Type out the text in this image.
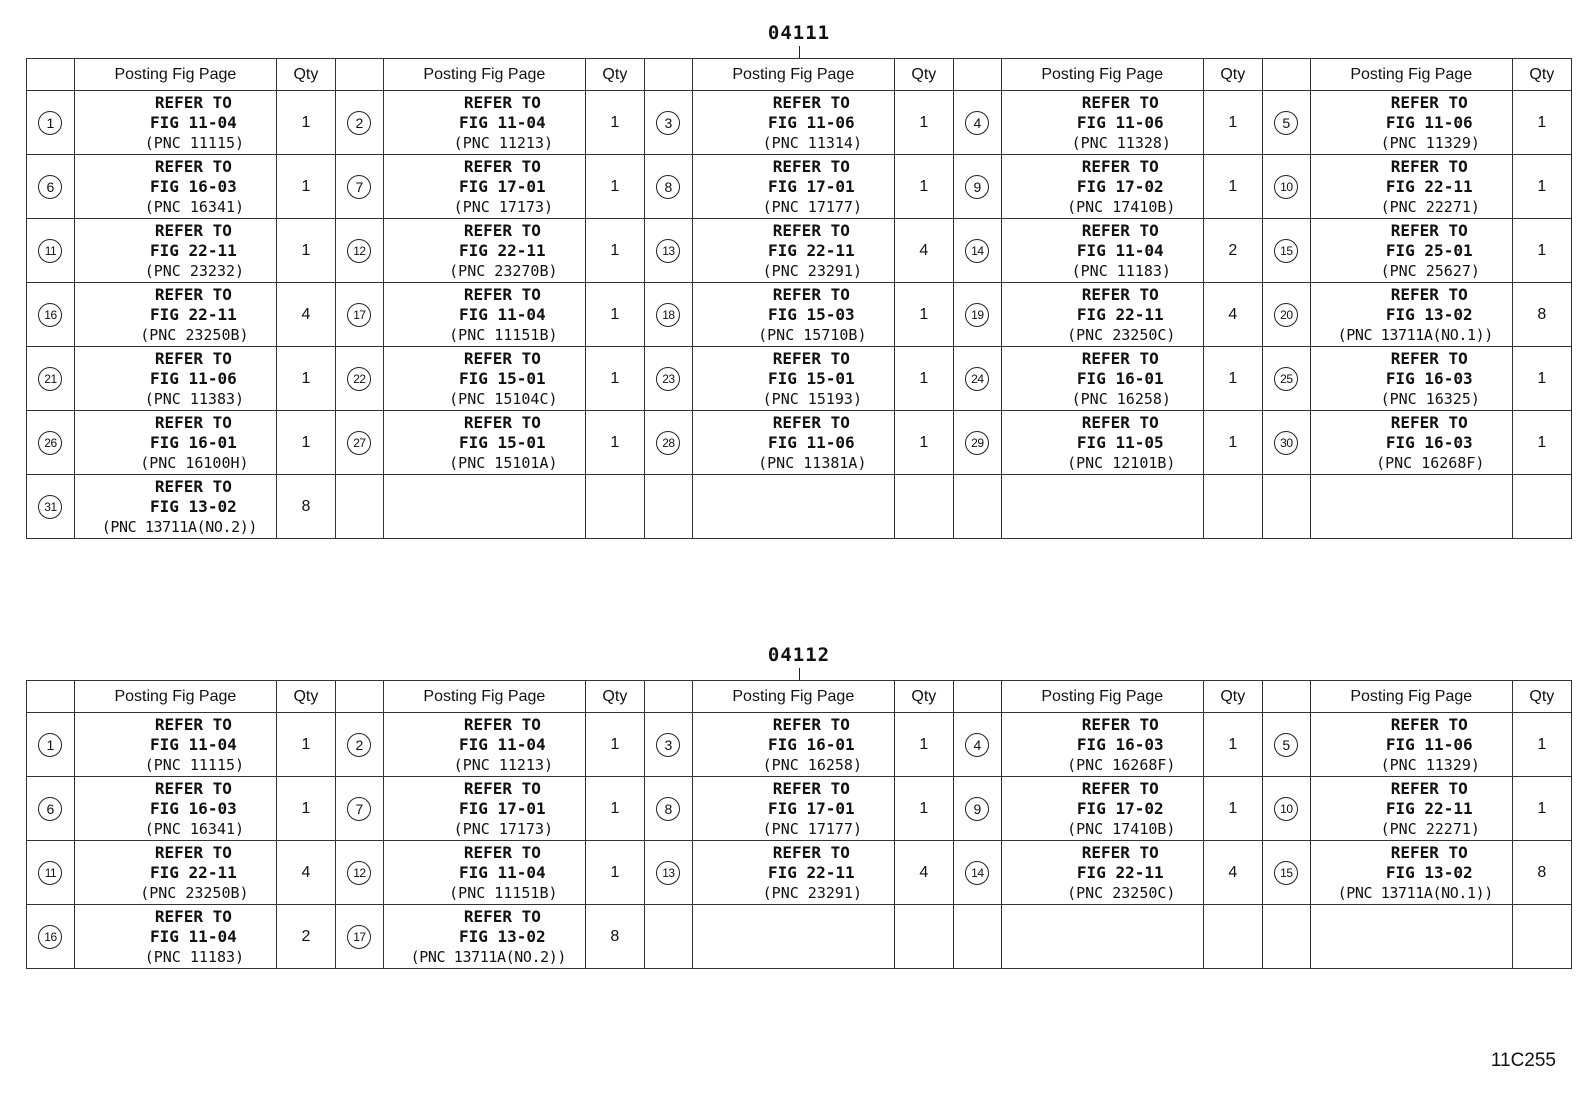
04111
	Posting Fig Page	Qty		Posting Fig Page	Qty		Posting Fig Page	Qty		Posting Fig Page	Qty		Posting Fig Page	Qty
1	REFER TO
FIG 11-04
(PNC 11115)	1	2	REFER TO
FIG 11-04
(PNC 11213)	1	3	REFER TO
FIG 11-06
(PNC 11314)	1	4	REFER TO
FIG 11-06
(PNC 11328)	1	5	REFER TO
FIG 11-06
(PNC 11329)	1
6	REFER TO
FIG 16-03
(PNC 16341)	1	7	REFER TO
FIG 17-01
(PNC 17173)	1	8	REFER TO
FIG 17-01
(PNC 17177)	1	9	REFER TO
FIG 17-02
(PNC 17410B)	1	10	REFER TO
FIG 22-11
(PNC 22271)	1
11	REFER TO
FIG 22-11
(PNC 23232)	1	12	REFER TO
FIG 22-11
(PNC 23270B)	1	13	REFER TO
FIG 22-11
(PNC 23291)	4	14	REFER TO
FIG 11-04
(PNC 11183)	2	15	REFER TO
FIG 25-01
(PNC 25627)	1
16	REFER TO
FIG 22-11
(PNC 23250B)	4	17	REFER TO
FIG 11-04
(PNC 11151B)	1	18	REFER TO
FIG 15-03
(PNC 15710B)	1	19	REFER TO
FIG 22-11
(PNC 23250C)	4	20	REFER TO
FIG 13-02
(PNC 13711A(NO.1))	8
21	REFER TO
FIG 11-06
(PNC 11383)	1	22	REFER TO
FIG 15-01
(PNC 15104C)	1	23	REFER TO
FIG 15-01
(PNC 15193)	1	24	REFER TO
FIG 16-01
(PNC 16258)	1	25	REFER TO
FIG 16-03
(PNC 16325)	1
26	REFER TO
FIG 16-01
(PNC 16100H)	1	27	REFER TO
FIG 15-01
(PNC 15101A)	1	28	REFER TO
FIG 11-06
(PNC 11381A)	1	29	REFER TO
FIG 11-05
(PNC 12101B)	1	30	REFER TO
FIG 16-03
(PNC 16268F)	1
31	REFER TO
FIG 13-02
(PNC 13711A(NO.2))	8												
04112
	Posting Fig Page	Qty		Posting Fig Page	Qty		Posting Fig Page	Qty		Posting Fig Page	Qty		Posting Fig Page	Qty
1	REFER TO
FIG 11-04
(PNC 11115)	1	2	REFER TO
FIG 11-04
(PNC 11213)	1	3	REFER TO
FIG 16-01
(PNC 16258)	1	4	REFER TO
FIG 16-03
(PNC 16268F)	1	5	REFER TO
FIG 11-06
(PNC 11329)	1
6	REFER TO
FIG 16-03
(PNC 16341)	1	7	REFER TO
FIG 17-01
(PNC 17173)	1	8	REFER TO
FIG 17-01
(PNC 17177)	1	9	REFER TO
FIG 17-02
(PNC 17410B)	1	10	REFER TO
FIG 22-11
(PNC 22271)	1
11	REFER TO
FIG 22-11
(PNC 23250B)	4	12	REFER TO
FIG 11-04
(PNC 11151B)	1	13	REFER TO
FIG 22-11
(PNC 23291)	4	14	REFER TO
FIG 22-11
(PNC 23250C)	4	15	REFER TO
FIG 13-02
(PNC 13711A(NO.1))	8
16	REFER TO
FIG 11-04
(PNC 11183)	2	17	REFER TO
FIG 13-02
(PNC 13711A(NO.2))	8									
11C255
